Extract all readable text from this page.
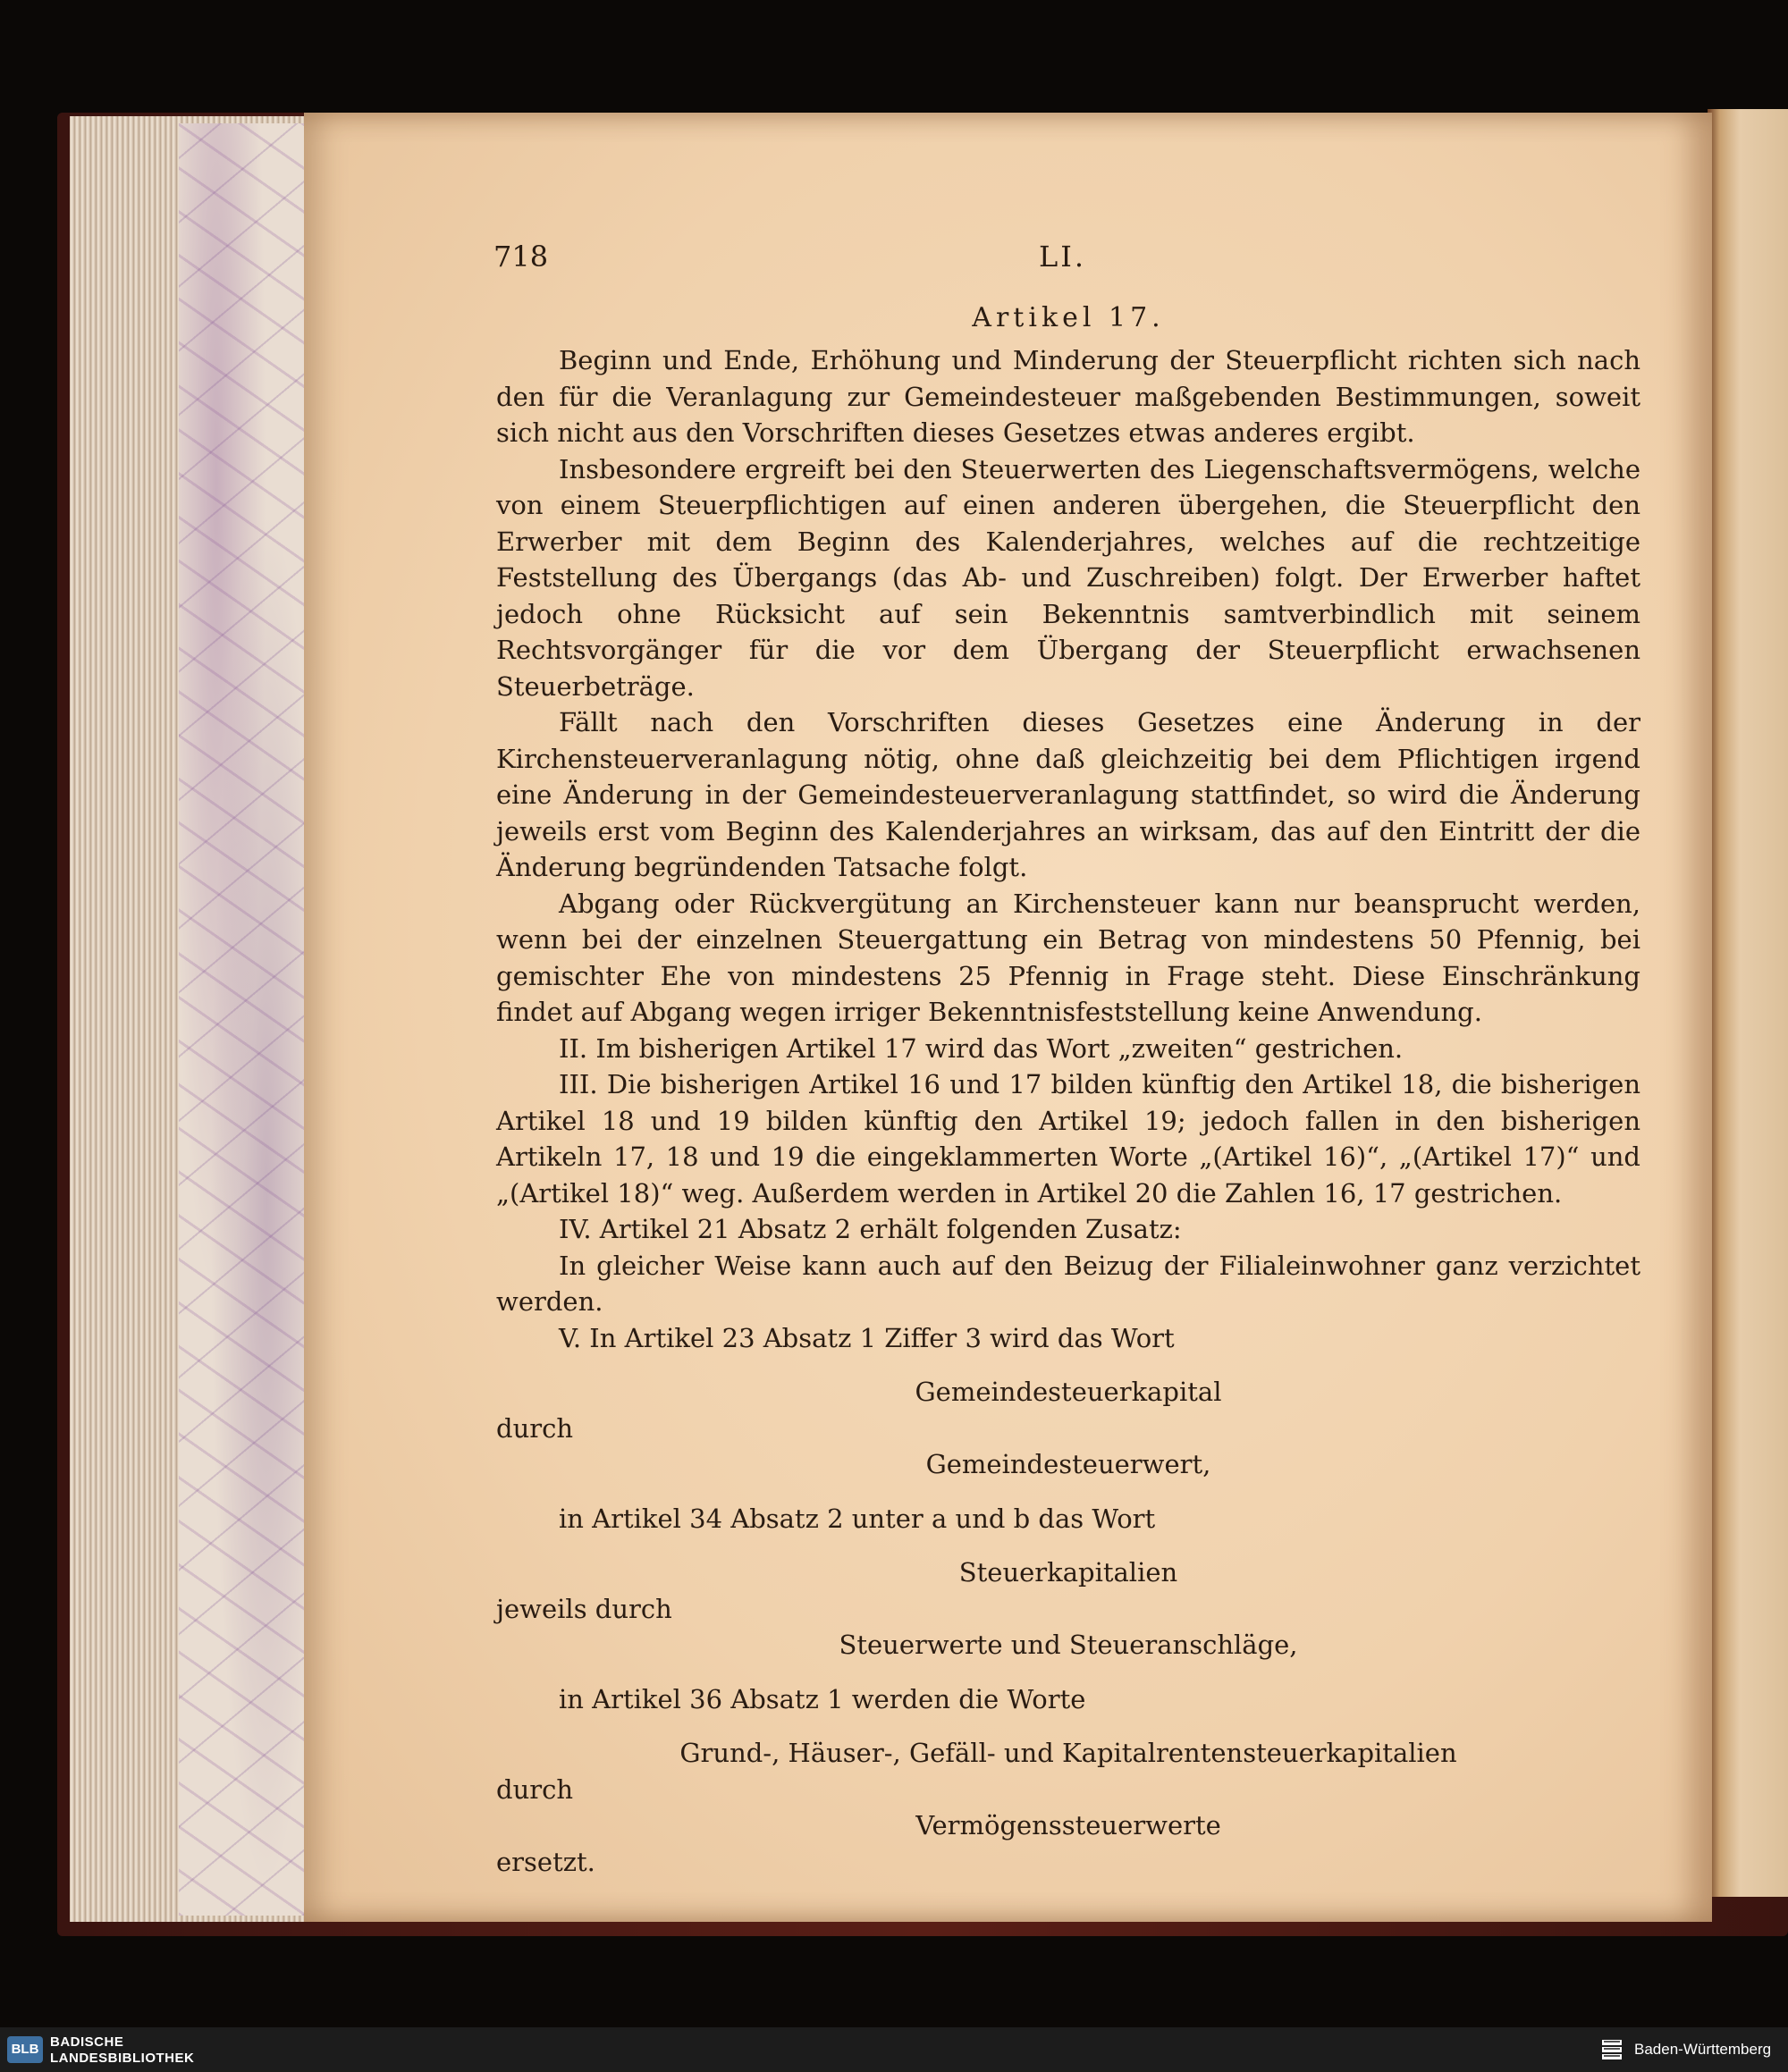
718	LI.
Artikel 17.

Beginn und Ende, Erhöhung und Minderung der Steuerpflicht richten sich nach den für die Veranlagung zur Gemeindesteuer maßgebenden Bestimmungen, soweit sich nicht aus den Vorschriften dieses Gesetzes etwas anderes ergibt.

Insbesondere ergreift bei den Steuerwerten des Liegenschaftsvermögens, welche von einem Steuerpflichtigen auf einen anderen übergehen, die Steuerpflicht den Erwerber mit dem Beginn des Kalenderjahres, welches auf die rechtzeitige Feststellung des Übergangs (das Ab- und Zuschreiben) folgt. Der Erwerber haftet jedoch ohne Rücksicht auf sein Bekenntnis samtverbindlich mit seinem Rechtsvorgänger für die vor dem Übergang der Steuerpflicht erwachsenen Steuerbeträge.

Fällt nach den Vorschriften dieses Gesetzes eine Änderung in der Kirchensteuerveranlagung nötig, ohne daß gleichzeitig bei dem Pflichtigen irgend eine Änderung in der Gemeindesteuerveranlagung stattfindet, so wird die Änderung jeweils erst vom Beginn des Kalenderjahres an wirksam, das auf den Eintritt der die Änderung begründenden Tatsache folgt.

Abgang oder Rückvergütung an Kirchensteuer kann nur beansprucht werden, wenn bei der einzelnen Steuergattung ein Betrag von mindestens 50 Pfennig, bei gemischter Ehe von mindestens 25 Pfennig in Frage steht. Diese Einschränkung findet auf Abgang wegen irriger Bekenntnisfeststellung keine Anwendung.

II. Im bisherigen Artikel 17 wird das Wort „zweiten“ gestrichen.

III. Die bisherigen Artikel 16 und 17 bilden künftig den Artikel 18, die bisherigen Artikel 18 und 19 bilden künftig den Artikel 19; jedoch fallen in den bisherigen Artikeln 17, 18 und 19 die eingeklammerten Worte „(Artikel 16)“, „(Artikel 17)“ und „(Artikel 18)“ weg. Außerdem werden in Artikel 20 die Zahlen 16, 17 gestrichen.

IV. Artikel 21 Absatz 2 erhält folgenden Zusatz:

In gleicher Weise kann auch auf den Beizug der Filialeinwohner ganz verzichtet werden.

V. In Artikel 23 Absatz 1 Ziffer 3 wird das Wort

Gemeindesteuerkapital

durch

Gemeindesteuerwert,

in Artikel 34 Absatz 2 unter a und b das Wort

Steuerkapitalien

jeweils durch

Steuerwerte und Steueranschläge,

in Artikel 36 Absatz 1 werden die Worte

Grund-, Häuser-, Gefäll- und Kapitalrentensteuerkapitalien

durch

Vermögenssteuerwerte

ersetzt.

BLB BADISCHE
LANDESBIBLIOTHEK
Baden-Württemberg
